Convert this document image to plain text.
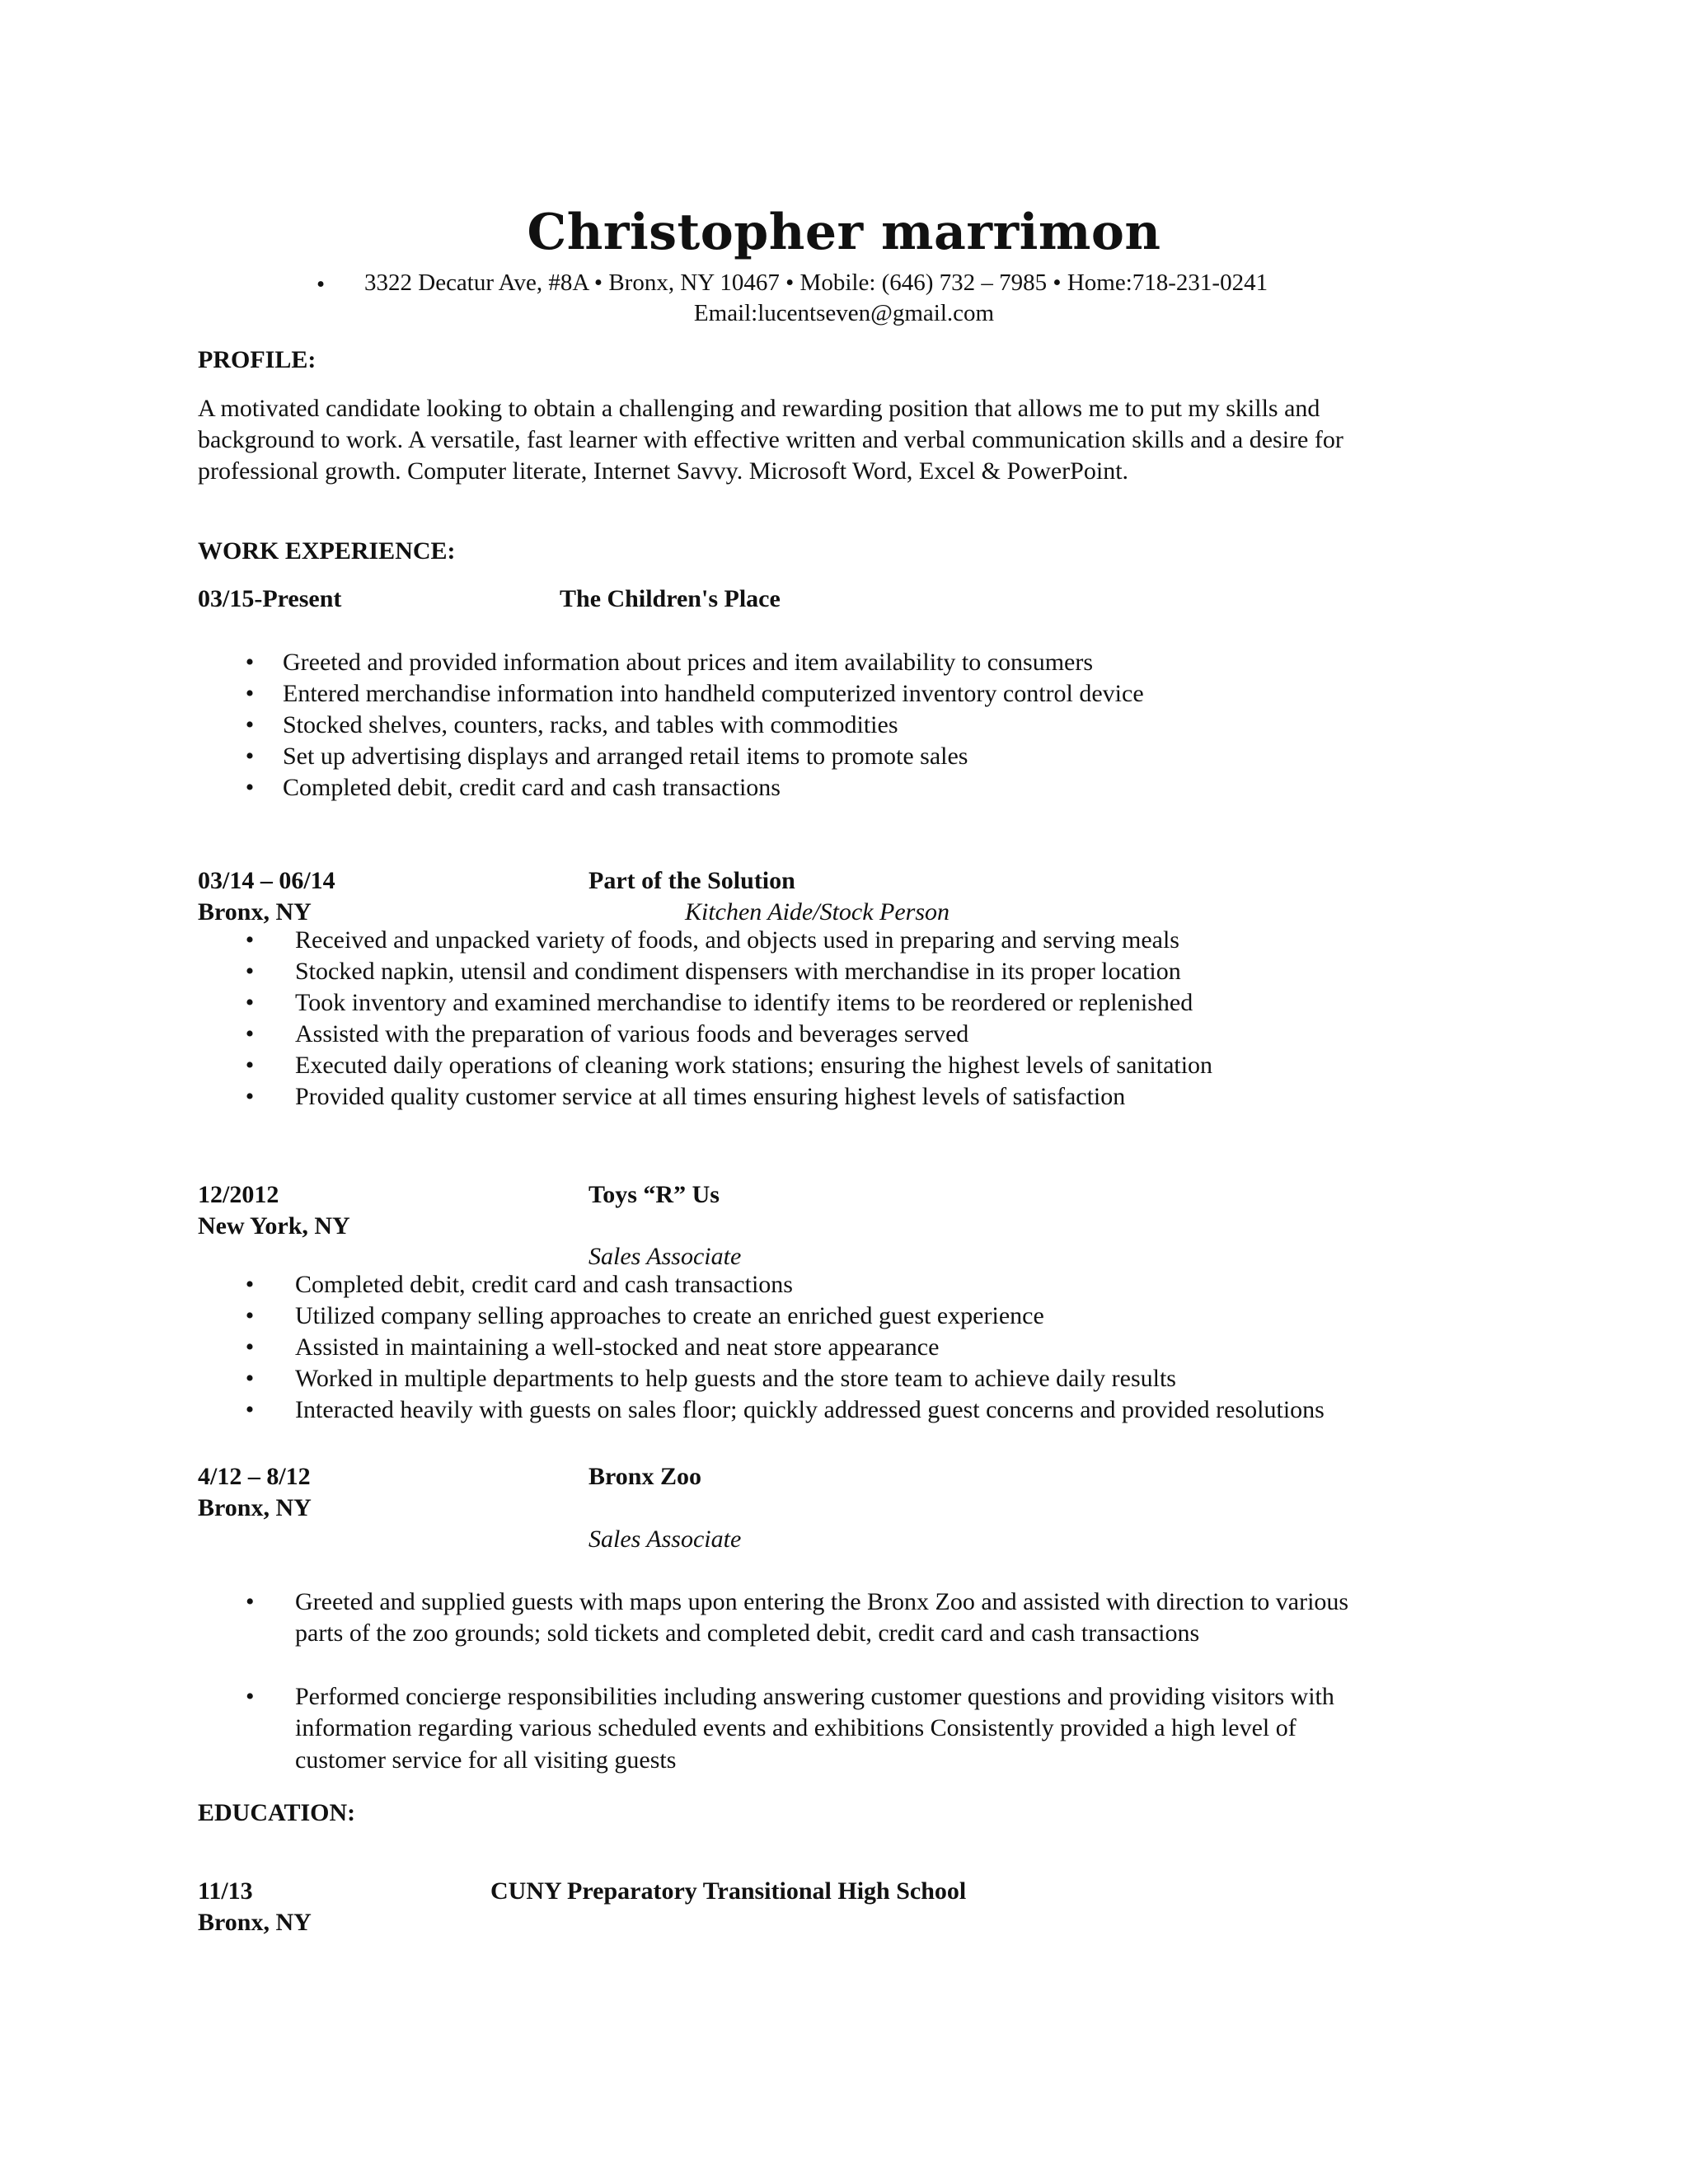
Christopher marrimon
• 3322 Decatur Ave, #8A • Bronx, NY 10467 • Mobile: (646) 732 – 7985 • Home:718-231-0241
Email:lucentseven@gmail.com
PROFILE:
A motivated candidate looking to obtain a challenging and rewarding position that allows me to put my skills and
background to work. A versatile, fast learner with effective written and verbal communication skills and a desire for
professional growth. Computer literate, Internet Savvy. Microsoft Word, Excel & PowerPoint.
WORK EXPERIENCE:
03/15-Present	The Children's Place
• Greeted and provided information about prices and item availability to consumers

• Entered merchandise information into handheld computerized inventory control device

• Stocked shelves, counters, racks, and tables with commodities

• Set up advertising displays and arranged retail items to promote sales

• Completed debit, credit card and cash transactions

03/14 – 06/14	Part of the Solution
Bronx, NY	Kitchen Aide/Stock Person
• Received and unpacked variety of foods, and objects used in preparing and serving meals

• Stocked napkin, utensil and condiment dispensers with merchandise in its proper location

• Took inventory and examined merchandise to identify items to be reordered or replenished

• Assisted with the preparation of various foods and beverages served

• Executed daily operations of cleaning work stations; ensuring the highest levels of sanitation

• Provided quality customer service at all times ensuring highest levels of satisfaction

12/2012	Toys “R” Us
New York, NY
Sales Associate
• Completed debit, credit card and cash transactions

• Utilized company selling approaches to create an enriched guest experience

• Assisted in maintaining a well-stocked and neat store appearance

• Worked in multiple departments to help guests and the store team to achieve daily results

• Interacted heavily with guests on sales floor; quickly addressed guest concerns and provided resolutions

4/12 – 8/12	Bronx Zoo
Bronx, NY
Sales Associate
• Greeted and supplied guests with maps upon entering the Bronx Zoo and assisted with direction to various
parts of the zoo grounds; sold tickets and completed debit, credit card and cash transactions
• Performed concierge responsibilities including answering customer questions and providing visitors with
information regarding various scheduled events and exhibitions Consistently provided a high level of
customer service for all visiting guests
EDUCATION:
11/13	CUNY Preparatory Transitional High School
Bronx, NY
